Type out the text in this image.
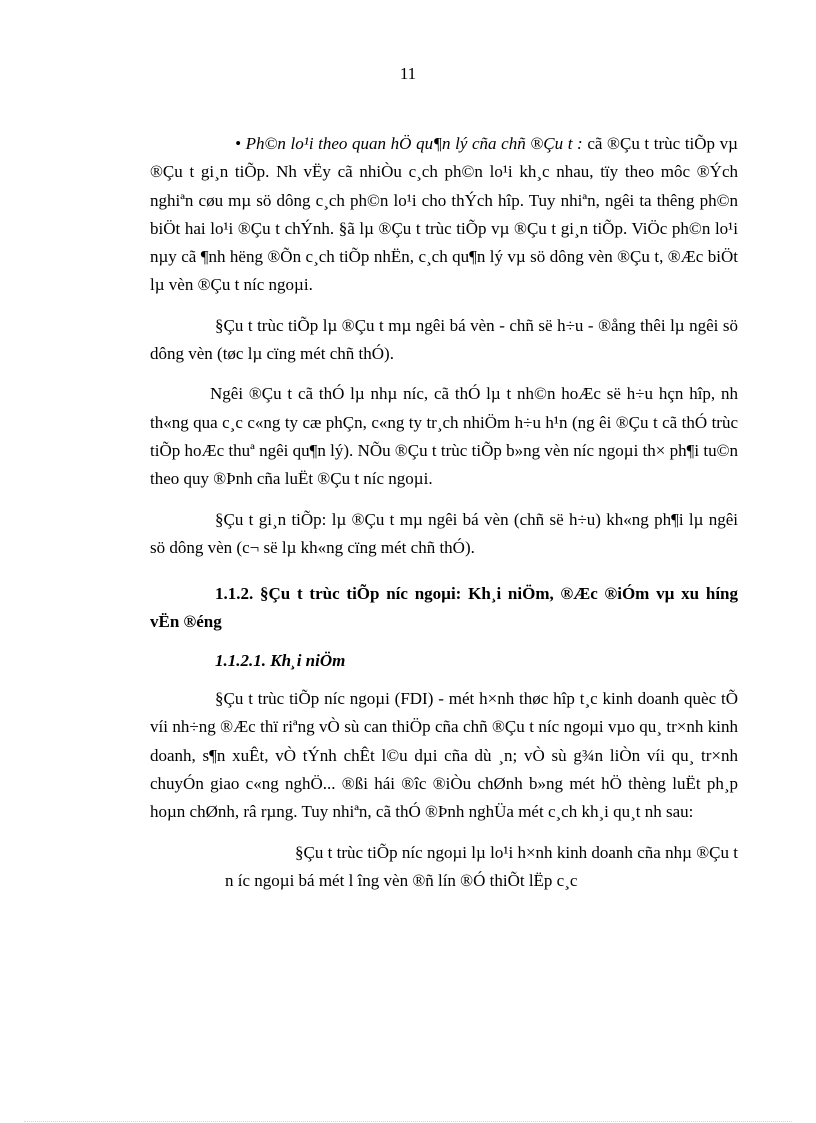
11

• Ph©n lo¹i theo quan hÖ qu¶n lý cña chñ ®Çu t : cã ®Çu t trùc tiÕp vµ ®Çu t gi¸n tiÕp. Nh vËy cã nhiÒu c¸ch ph©n lo¹i kh¸c nhau, tïy theo môc ®Ých nghiªn cøu mµ sö dông c¸ch ph©n lo¹i cho thÝch hîp. Tuy nhiªn, ngêi ta thêng ph©n biÖt hai lo¹i ®Çu t chÝnh. §ã lµ ®Çu t trùc tiÕp vµ ®Çu t gi¸n tiÕp. ViÖc ph©n lo¹i nµy cã ¶nh hëng ®Õn c¸ch tiÕp nhËn, c¸ch qu¶n lý vµ sö dông vèn ®Çu t, ®Æc biÖt lµ vèn ®Çu t níc ngoµi.

§Çu t trùc tiÕp lµ ®Çu t mµ ngêi bá vèn - chñ së h÷u - ®ång thêi lµ ngêi sö dông vèn (tøc lµ cïng mét chñ thÓ).

Ngêi ®Çu t cã thÓ lµ nhµ níc, cã thÓ lµ t nh©n hoÆc së h÷u hçn hîp, nh th«ng qua c¸c c«ng ty cæ phÇn, c«ng ty tr¸ch nhiÖm h÷u h¹n (ng êi ®Çu t cã thÓ trùc tiÕp hoÆc thuª ngêi qu¶n lý). NÕu ®Çu t trùc tiÕp b»ng vèn níc ngoµi th× ph¶i tu©n theo quy ®Þnh cña luËt ®Çu t níc ngoµi.

§Çu t gi¸n tiÕp: lµ ®Çu t mµ ngêi bá vèn (chñ së h÷u) kh«ng ph¶i lµ ngêi sö dông vèn (c¬ së lµ kh«ng cïng mét chñ thÓ).

1.1.2. §Çu t trùc tiÕp níc ngoµi: Kh¸i niÖm, ®Æc ®iÓm vµ xu híng vËn ®éng

1.1.2.1. Kh¸i niÖm

§Çu t trùc tiÕp níc ngoµi (FDI) - mét h×nh thøc hîp t¸c kinh doanh quèc tÕ víi nh÷ng ®Æc thï riªng vÒ sù can thiÖp cña chñ ®Çu t níc ngoµi vµo qu¸ tr×nh kinh doanh, s¶n xuÊt, vÒ tÝnh chÊt l©u dµi cña dù ¸n; vÒ sù g¾n liÒn víi qu¸ tr×nh chuyÓn giao c«ng nghÖ... ®ßi hái ®îc ®iÒu chØnh b»ng mét hÖ thèng luËt ph¸p hoµn chØnh, râ rµng. Tuy nhiªn, cã thÓ ®Þnh nghÜa mét c¸ch kh¸i qu¸t nh sau:

§Çu t trùc tiÕp níc ngoµi lµ lo¹i h×nh kinh doanh cña nhµ ®Çu t n íc ngoµi bá mét l îng vèn ®ñ lín ®Ó thiÕt lËp c¸c
